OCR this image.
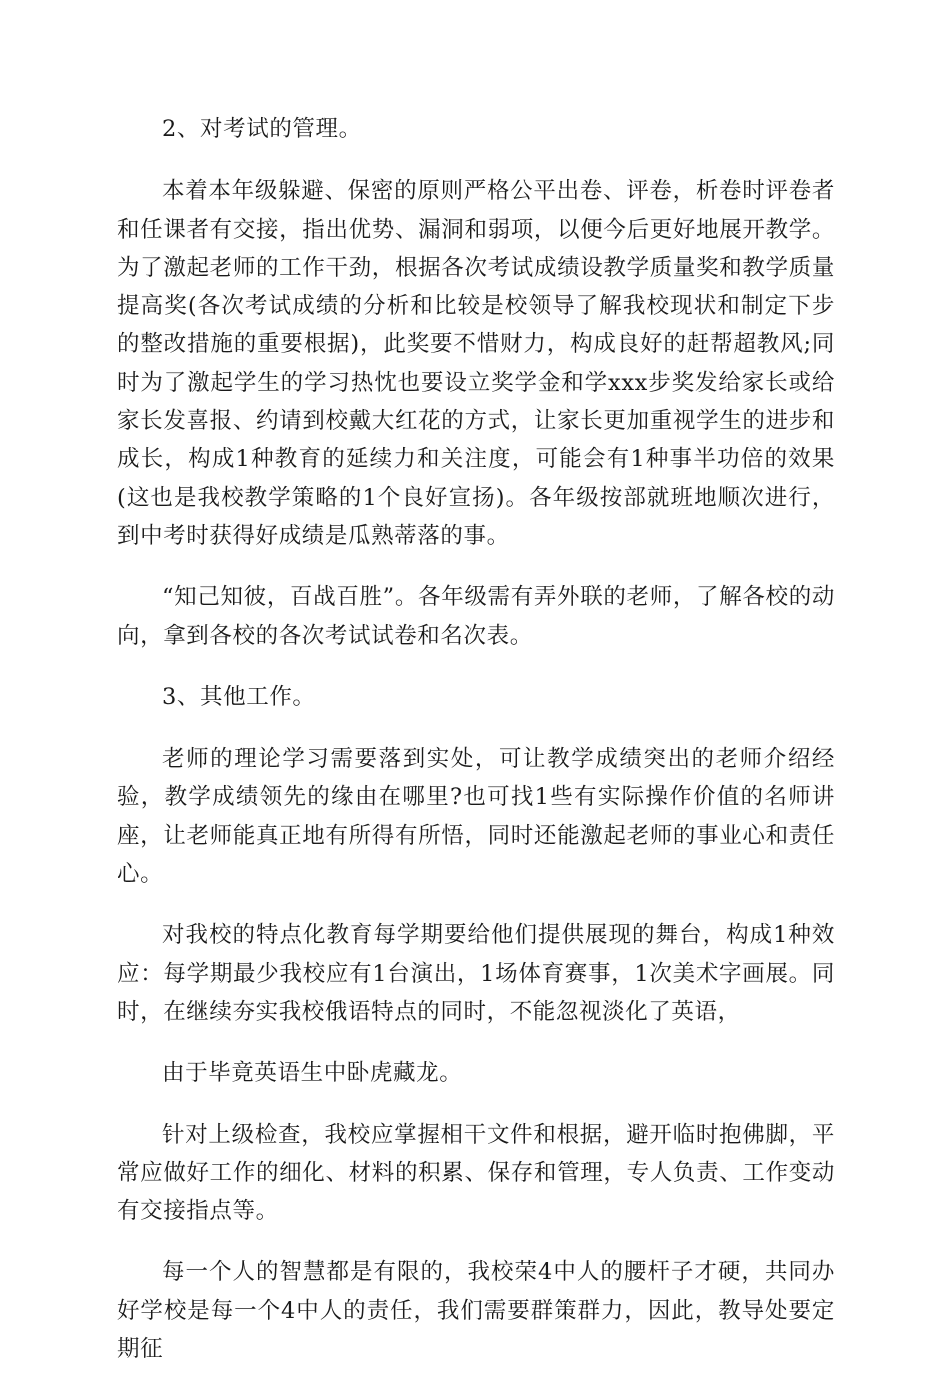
2、对考试的管理。

本着本年级躲避、保密的原则严格公平出卷、评卷，析卷时评卷者和任课者有交接，指出优势、漏洞和弱项，以便今后更好地展开教学。为了激起老师的工作干劲，根据各次考试成绩设教学质量奖和教学质量提高奖(各次考试成绩的分析和比较是校领导了解我校现状和制定下步的整改措施的重要根据)，此奖要不惜财力，构成良好的赶帮超教风;同时为了激起学生的学习热忱也要设立奖学金和学xxx步奖发给家长或给家长发喜报、约请到校戴大红花的方式，让家长更加重视学生的进步和成长，构成1种教育的延续力和关注度，可能会有1种事半功倍的效果(这也是我校教学策略的1个良好宣扬)。各年级按部就班地顺次进行，到中考时获得好成绩是瓜熟蒂落的事。

“知己知彼，百战百胜”。各年级需有弄外联的老师，了解各校的动向，拿到各校的各次考试试卷和名次表。

3、其他工作。

老师的理论学习需要落到实处，可让教学成绩突出的老师介绍经验，教学成绩领先的缘由在哪里?也可找1些有实际操作价值的名师讲座，让老师能真正地有所得有所悟，同时还能激起老师的事业心和责任心。

对我校的特点化教育每学期要给他们提供展现的舞台，构成1种效应：每学期最少我校应有1台演出，1场体育赛事，1次美术字画展。同时，在继续夯实我校俄语特点的同时，不能忽视淡化了英语，

由于毕竟英语生中卧虎藏龙。

针对上级检查，我校应掌握相干文件和根据，避开临时抱佛脚，平常应做好工作的细化、材料的积累、保存和管理，专人负责、工作变动有交接指点等。

每一个人的智慧都是有限的，我校荣4中人的腰杆子才硬，共同办好学校是每一个4中人的责任，我们需要群策群力，因此，教导处要定期征
